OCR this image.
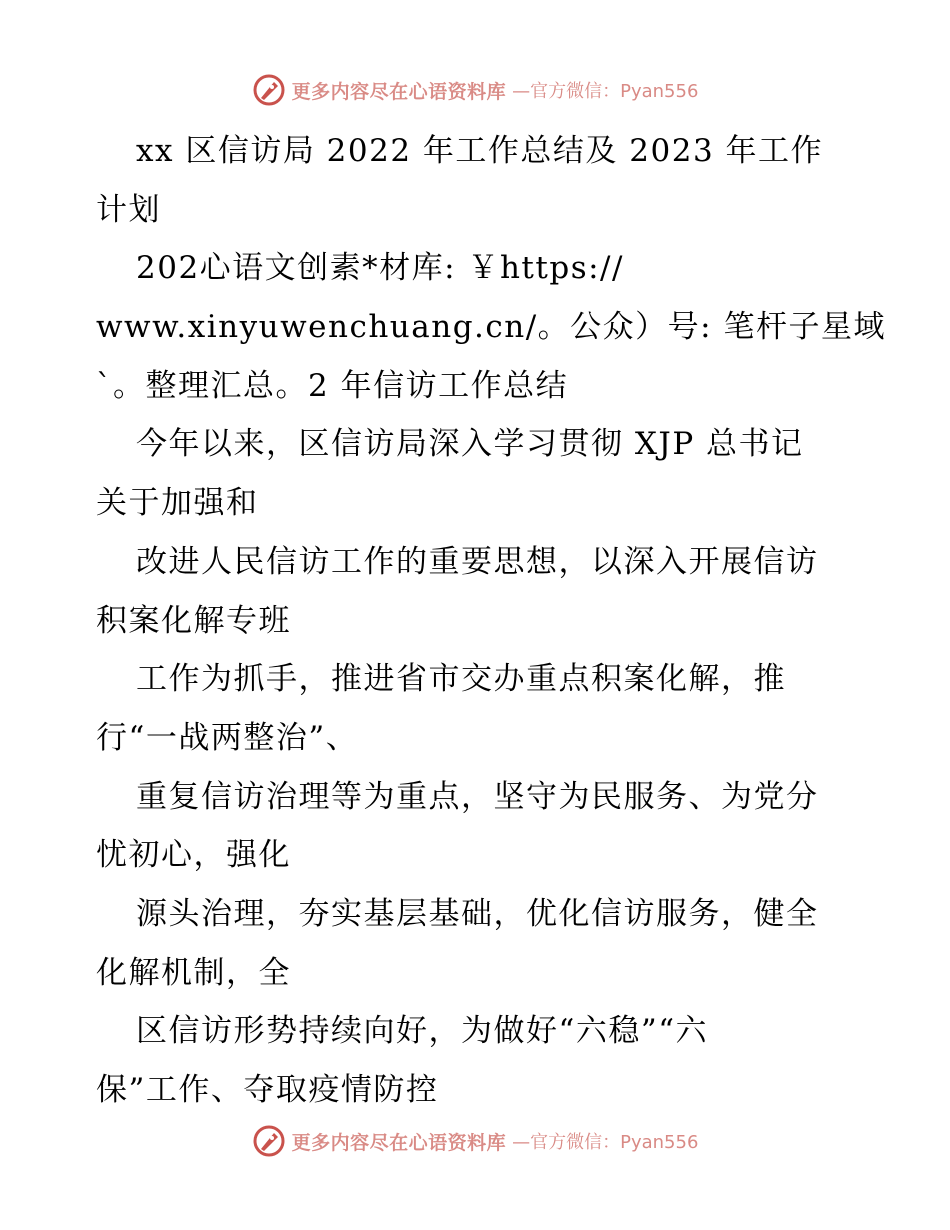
更多内容尽在心语资料库 —官方微信：Pyan556
xx 区信访局 2022 年工作总结及 2023 年工作
计划
202心语文创素*材库: ￥https://
www.xinyuwenchuang.cn/。公众）号: 笔杆子星域
`。整理汇总。2 年信访工作总结
今年以来，区信访局深入学习贯彻 XJP 总书记
关于加强和
改进人民信访工作的重要思想，以深入开展信访
积案化解专班
工作为抓手，推进省市交办重点积案化解，推
行“一战两整治”、
重复信访治理等为重点，坚守为民服务、为党分
忧初心，强化
源头治理，夯实基层基础，优化信访服务，健全
化解机制，全
区信访形势持续向好，为做好“六稳”“六
保”工作、夺取疫情防控
更多内容尽在心语资料库 —官方微信：Pyan556
